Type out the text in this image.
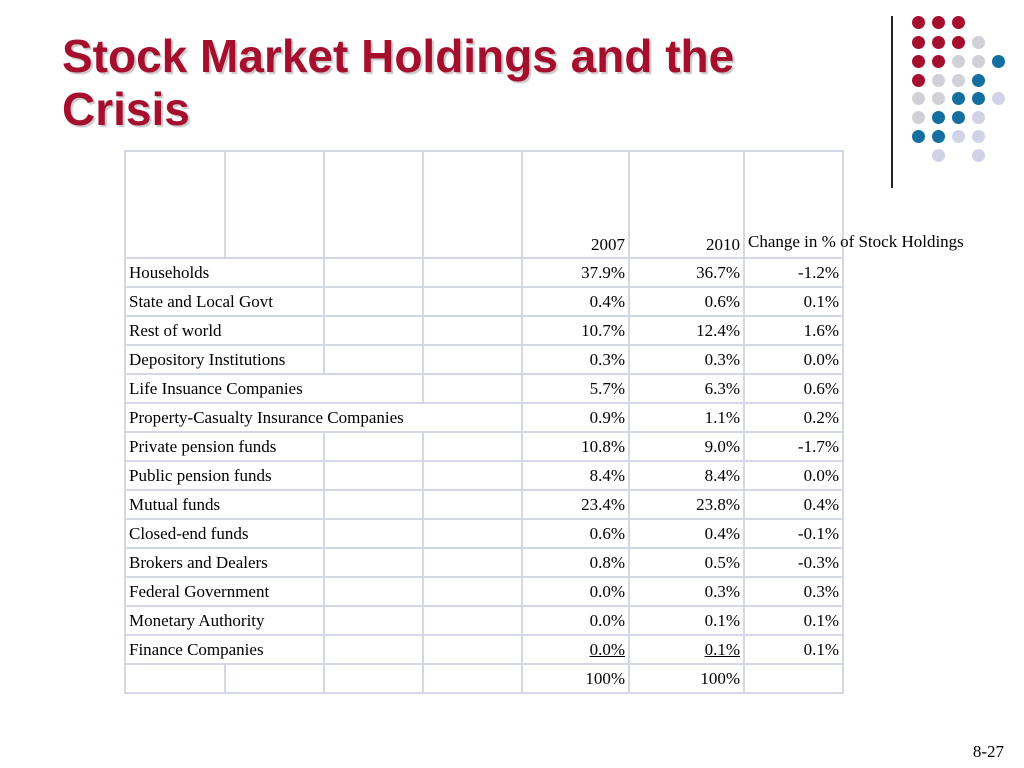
Stock Market Holdings and the Crisis
				2007	2010	Change in % of Stock Holdings
Households				37.9%	36.7%	-1.2%
State and Local Govt				0.4%	0.6%	0.1%
Rest of world				10.7%	12.4%	1.6%
Depository Institutions				0.3%	0.3%	0.0%
Life Insuance Companies				5.7%	6.3%	0.6%
Property-Casualty Insurance Companies				0.9%	1.1%	0.2%
Private pension funds				10.8%	9.0%	-1.7%
Public pension funds				8.4%	8.4%	0.0%
Mutual funds				23.4%	23.8%	0.4%
Closed-end funds				0.6%	0.4%	-0.1%
Brokers and Dealers				0.8%	0.5%	-0.3%
Federal Government				0.0%	0.3%	0.3%
Monetary Authority				0.0%	0.1%	0.1%
Finance Companies				0.0%	0.1%	0.1%
				100%	100%	
8-27
